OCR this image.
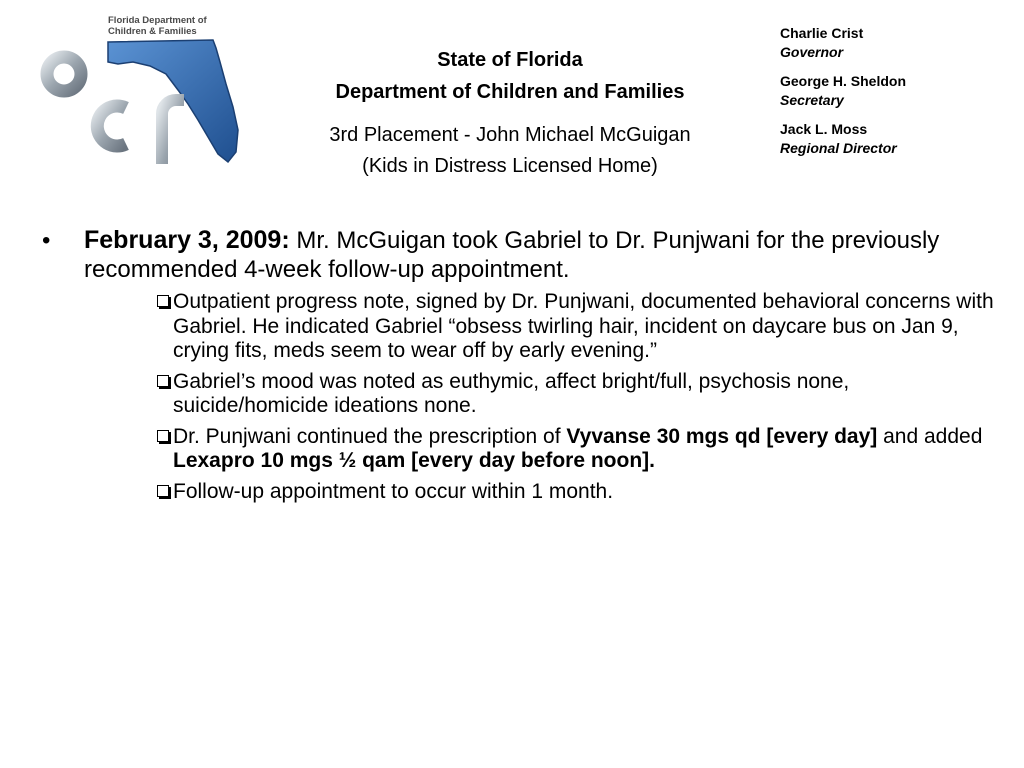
Florida Department of
Children & Families
State of Florida
Department of Children and Families
3rd Placement - John Michael McGuigan
(Kids in Distress Licensed Home)
Charlie Crist
Governor
George H. Sheldon
Secretary
Jack L. Moss
Regional Director
• February 3, 2009: Mr. McGuigan took Gabriel to Dr. Punjwani for the previously recommended 4-week follow-up appointment.
Outpatient progress note, signed by Dr. Punjwani, documented behavioral concerns with Gabriel. He indicated Gabriel “obsess twirling hair, incident on daycare bus on Jan 9, crying fits, meds seem to wear off by early evening.”
Gabriel’s mood was noted as euthymic, affect bright/full, psychosis none, suicide/homicide ideations none.
Dr. Punjwani continued the prescription of Vyvanse 30 mgs qd [every day] and added Lexapro 10 mgs ½ qam [every day before noon].
Follow-up appointment to occur within 1 month.
